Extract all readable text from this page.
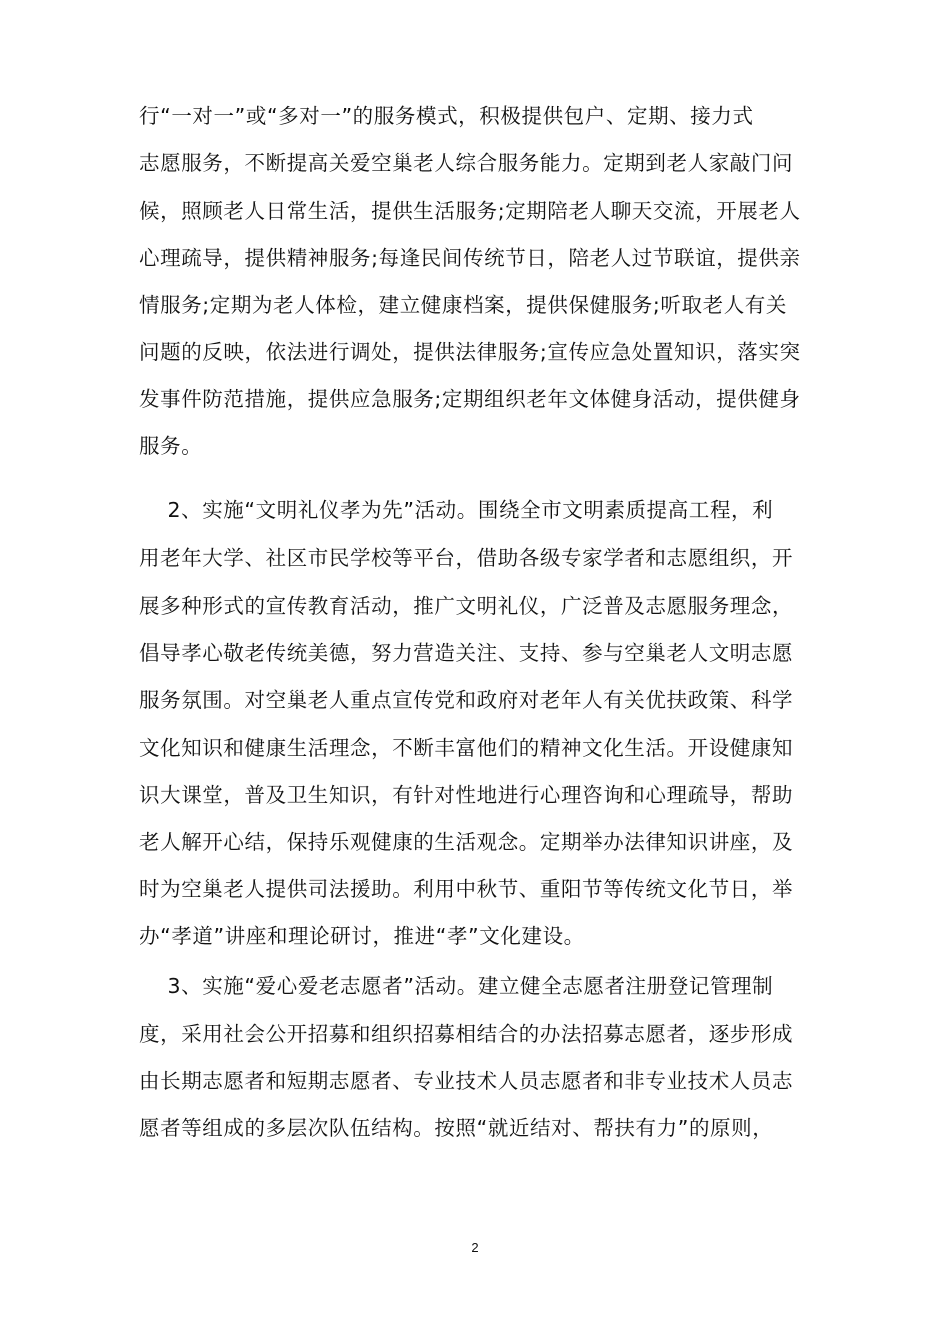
行“一对一”或“多对一”的服务模式，积极提供包户、定期、接力式
志愿服务，不断提高关爱空巢老人综合服务能力。定期到老人家敲门问
候，照顾老人日常生活，提供生活服务;定期陪老人聊天交流，开展老人
心理疏导，提供精神服务;每逢民间传统节日，陪老人过节联谊，提供亲
情服务;定期为老人体检，建立健康档案，提供保健服务;听取老人有关
问题的反映，依法进行调处，提供法律服务;宣传应急处置知识，落实突
发事件防范措施，提供应急服务;定期组织老年文体健身活动，提供健身
服务。
2、实施“文明礼仪孝为先”活动。围绕全市文明素质提高工程，利
用老年大学、社区市民学校等平台，借助各级专家学者和志愿组织，开
展多种形式的宣传教育活动，推广文明礼仪，广泛普及志愿服务理念，
倡导孝心敬老传统美德，努力营造关注、支持、参与空巢老人文明志愿
服务氛围。对空巢老人重点宣传党和政府对老年人有关优扶政策、科学
文化知识和健康生活理念，不断丰富他们的精神文化生活。开设健康知
识大课堂，普及卫生知识，有针对性地进行心理咨询和心理疏导，帮助
老人解开心结，保持乐观健康的生活观念。定期举办法律知识讲座，及
时为空巢老人提供司法援助。利用中秋节、重阳节等传统文化节日，举
办“孝道”讲座和理论研讨，推进“孝”文化建设。
3、实施“爱心爱老志愿者”活动。建立健全志愿者注册登记管理制
度，采用社会公开招募和组织招募相结合的办法招募志愿者，逐步形成
由长期志愿者和短期志愿者、专业技术人员志愿者和非专业技术人员志
愿者等组成的多层次队伍结构。按照“就近结对、帮扶有力”的原则，
2
